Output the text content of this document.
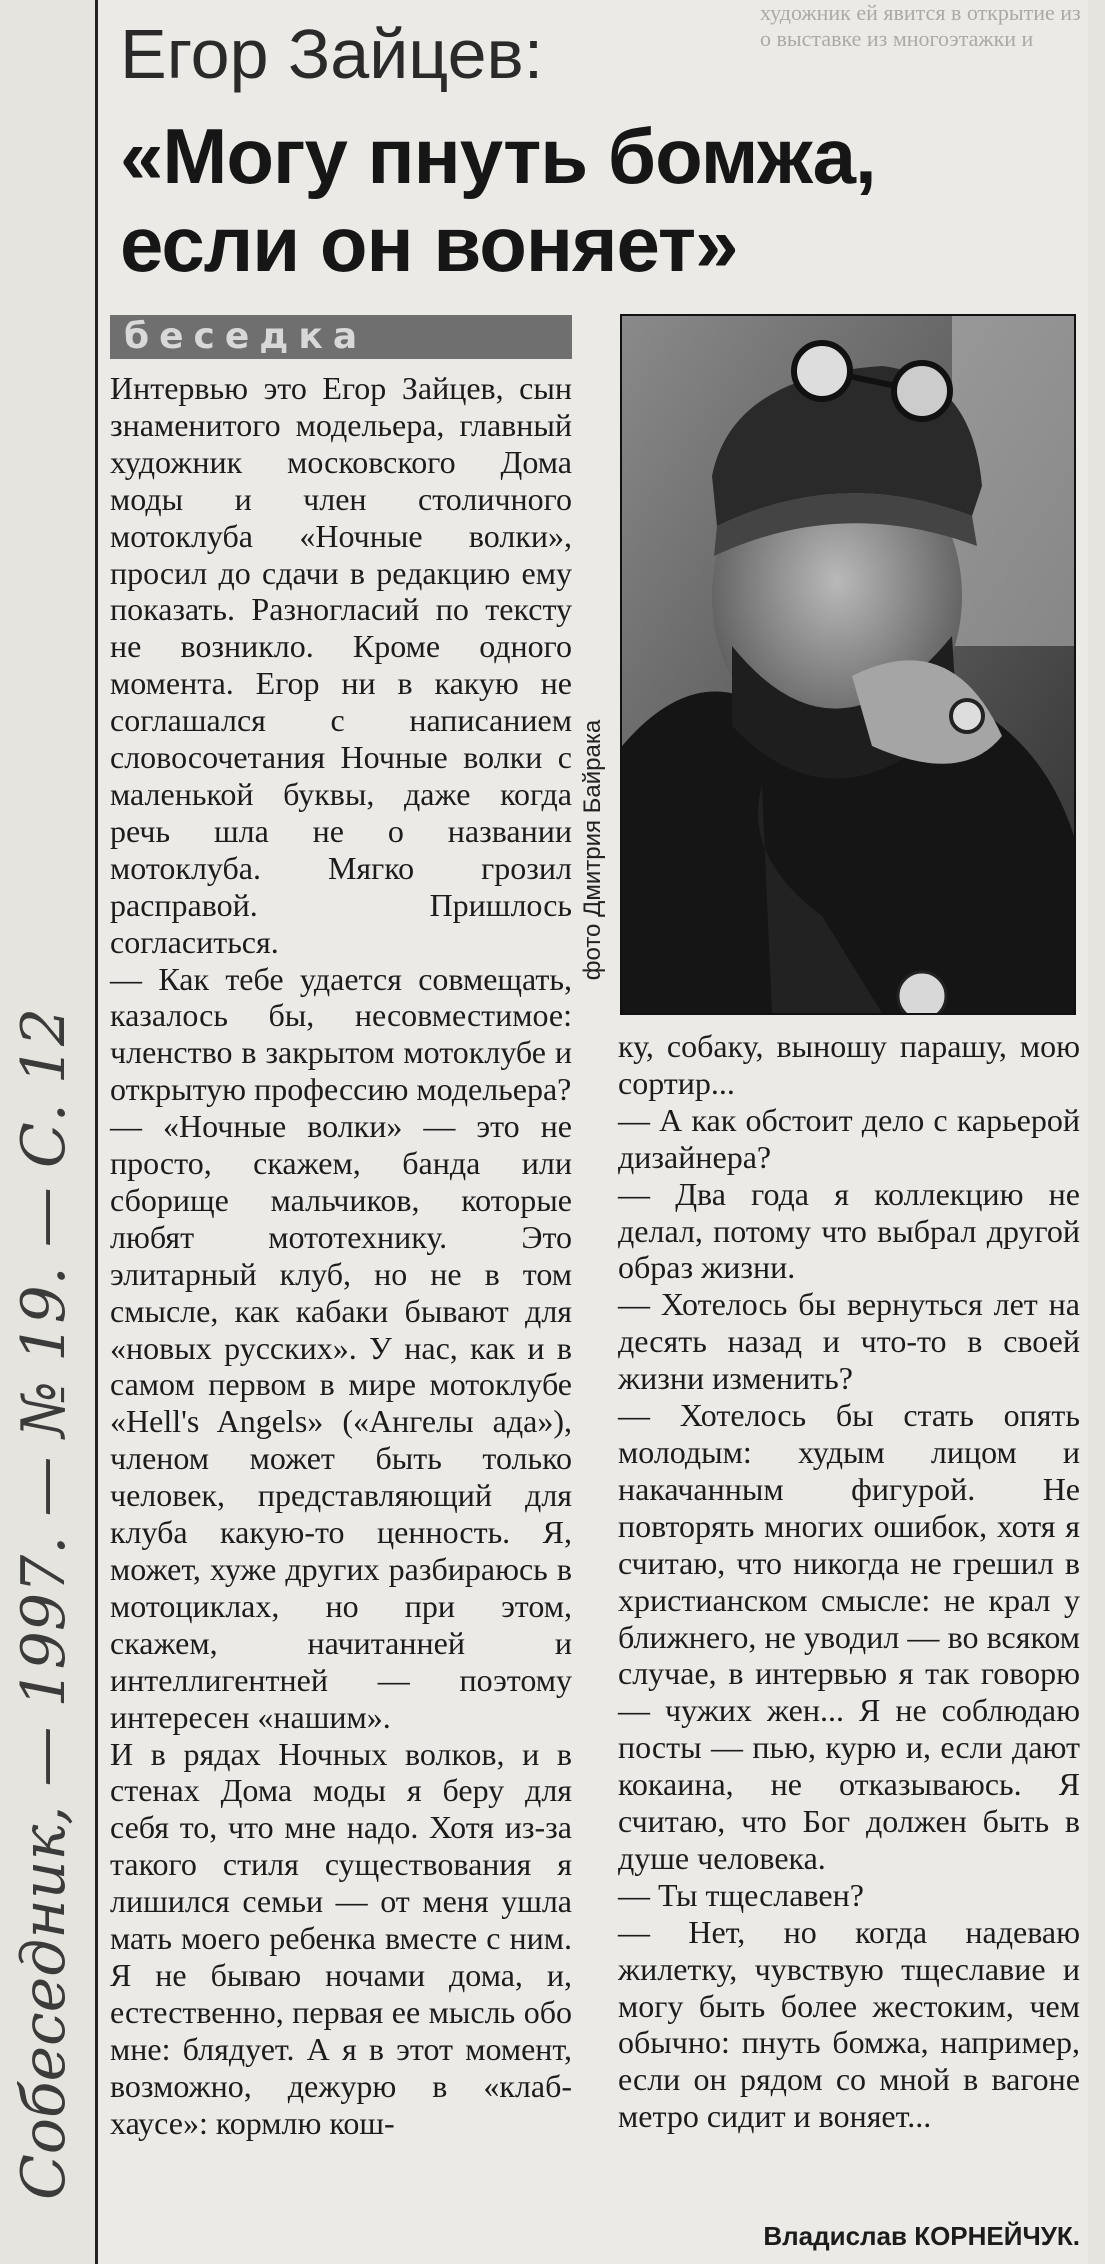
художник ей явится в открытие из
о выставке из многоэтажки и
Егор Зайцев:
«Могу пнуть бомжа,
если он воняет»
беседка

Интервью это Егор Зайцев, сын знаменитого модельера, главный художник московского Дома моды и член столичного мотоклуба «Ночные волки», просил до сдачи в редакцию ему показать. Разногласий по тексту не возникло. Кроме одного момента. Егор ни в какую не соглашался с написанием словосочетания Ночные волки с маленькой буквы, даже когда речь шла не о названии мотоклуба. Мягко грозил расправой. Пришлось согласиться.

— Как тебе удается совмещать, казалось бы, несовместимое: членство в закрытом мотоклубе и открытую профессию модельера?

— «Ночные волки» — это не просто, скажем, банда или сборище мальчиков, которые любят мототехнику. Это элитарный клуб, но не в том смысле, как кабаки бывают для «новых русских». У нас, как и в самом первом в мире мотоклубе «Hell's Angels» («Ангелы ада»), членом может быть только человек, представляющий для клуба какую-то ценность. Я, может, хуже других разбираюсь в мотоциклах, но при этом, скажем, начитанней и интеллигентней — поэтому интересен «нашим».

И в рядах Ночных волков, и в стенах Дома моды я беру для себя то, что мне надо. Хотя из-за такого стиля существования я лишился семьи — от меня ушла мать моего ребенка вместе с ним. Я не бываю ночами дома, и, естественно, первая ее мысль обо мне: блядует. А я в этот момент, возможно, дежурю в «клаб-хаусе»: кормлю кош-

фото Дмитрия Байрака

ку, собаку, выношу парашу, мою сортир...

— А как обстоит дело с карьерой дизайнера?

— Два года я коллекцию не делал, потому что выбрал другой образ жизни.

— Хотелось бы вернуться лет на десять назад и что-то в своей жизни изменить?

— Хотелось бы стать опять молодым: худым лицом и накачанным фигурой. Не повторять многих ошибок, хотя я считаю, что никогда не грешил в христианском смысле: не крал у ближнего, не уводил — во всяком случае, в интервью я так говорю — чужих жен... Я не соблюдаю посты — пью, курю и, если дают кокаина, не отказываюсь. Я считаю, что Бог должен быть в душе человека.

— Ты тщеславен?

— Нет, но когда надеваю жилетку, чувствую тщеславие и могу быть более жестоким, чем обычно: пнуть бомжа, например, если он рядом со мной в вагоне метро сидит и воняет...

Владислав КОРНЕЙЧУК.
Собеседник, — 1997. — № 19. — С. 12
